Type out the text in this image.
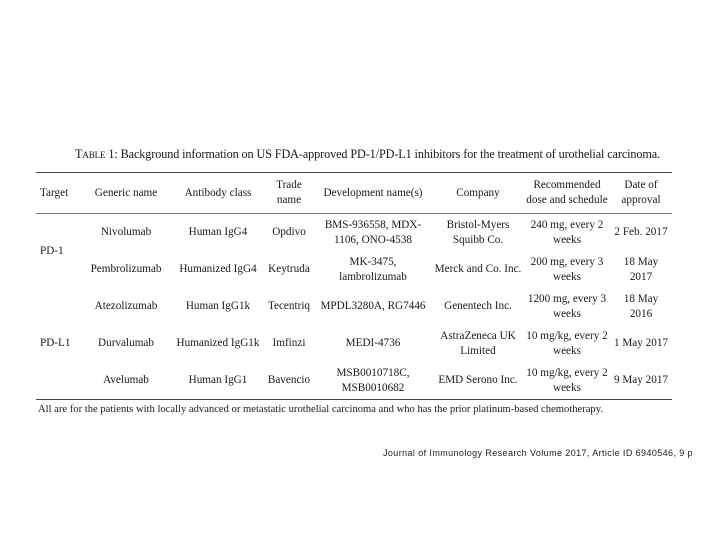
Table 1: Background information on US FDA-approved PD-1/PD-L1 inhibitors for the treatment of urothelial carcinoma.
Target	Generic name	Antibody class	Trade name	Development name(s)	Company	Recommended dose and schedule	Date of approval
PD-1	Nivolumab	Human IgG4	Opdivo	BMS-936558, MDX-1106, ONO-4538	Bristol-Myers Squibb Co.	240 mg, every 2 weeks	2 Feb. 2017
	Pembrolizumab	Humanized IgG4	Keytruda	MK-3475, lambrolizumab	Merck and Co. Inc.	200 mg, every 3 weeks	18 May 2017
PD-L1	Atezolizumab	Human IgG1k	Tecentriq	MPDL3280A, RG7446	Genentech Inc.	1200 mg, every 3 weeks	18 May 2016
	Durvalumab	Humanized IgG1k	Imfinzi	MEDI-4736	AstraZeneca UK Limited	10 mg/kg, every 2 weeks	1 May 2017
	Avelumab	Human IgG1	Bavencio	MSB0010718C, MSB0010682	EMD Serono Inc.	10 mg/kg, every 2 weeks	9 May 2017
All are for the patients with locally advanced or metastatic urothelial carcinoma and who has the prior platinum-based chemotherapy.
Journal of Immunology Research Volume 2017, Article ID 6940546, 9 p
